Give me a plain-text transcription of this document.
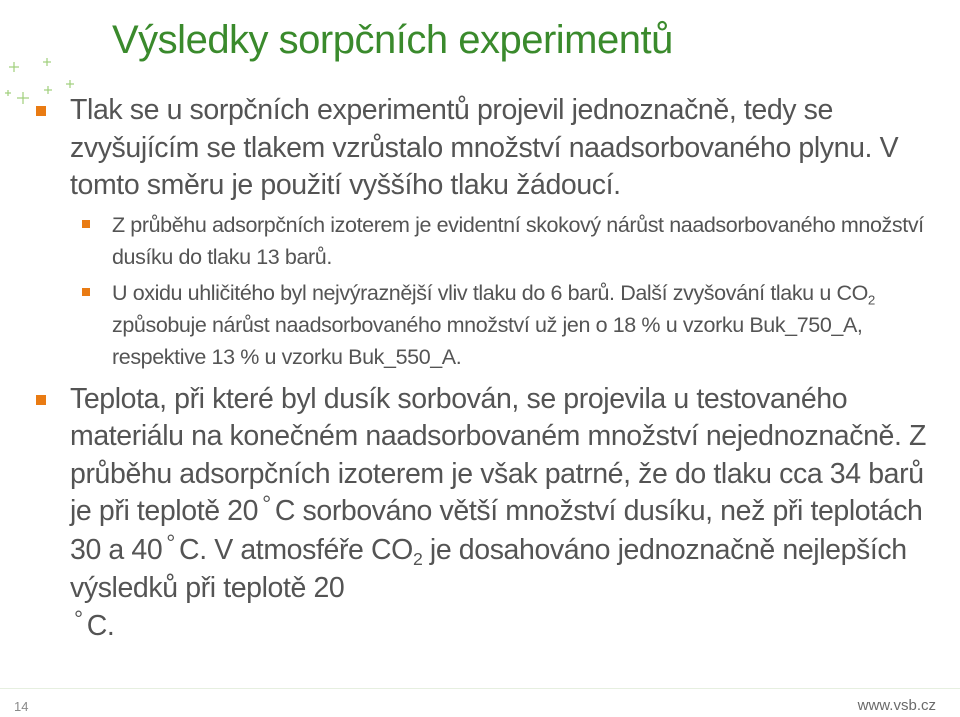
Výsledky sorpčních experimentů
Tlak se u sorpčních experimentů projevil jednoznačně, tedy se zvyšujícím se tlakem vzrůstalo množství naadsorbovaného plynu. V tomto směru je použití vyššího tlaku žádoucí.
Z průběhu adsorpčních izoterem je evidentní skokový nárůst naadsorbovaného množství dusíku do tlaku 13 barů.
U oxidu uhličitého byl nejvýraznější vliv tlaku do 6 barů. Další zvyšování tlaku u $CO_2$ způsobuje nárůst naadsorbovaného množství už jen o 18 % u vzorku Buk_750_A, respektive 13 % u vzorku Buk_550_A.
Teplota, při které byl dusík sorbován, se projevila u testovaného materiálu na konečném naadsorbovaném množství nejednoznačně. Z průběhu adsorpčních izoterem je však patrné, že do tlaku cca 34 barů je při teplotě 20 ° C sorbováno větší množství dusíku, než při teplotách 30 a 40 ° C. V atmosféře $CO_2$ je dosahováno jednoznačně nejlepších výsledků při teplotě 20
° C.
14	www.vsb.cz
